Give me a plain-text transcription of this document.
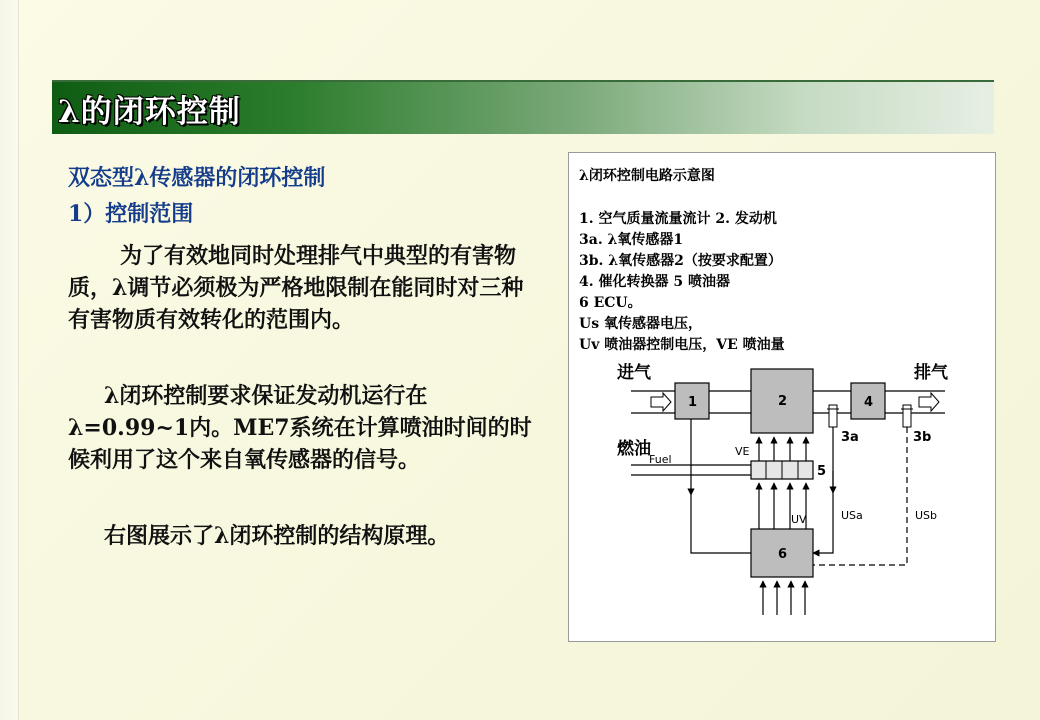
λ的闭环控制
双态型λ传感器的闭环控制
1）控制范围

为了有效地同时处理排气中典型的有害物质，λ调节必须极为严格地限制在能同时对三种有害物质有效转化的范围内。

λ闭环控制要求保证发动机运行在λ=0.99~1内。ME7系统在计算喷油时间的时候利用了这个来自氧传感器的信号。

右图展示了λ闭环控制的结构原理。

λ闭环控制电路示意图
1. 空气质量流量流计 2. 发动机
3a. λ氧传感器1
3b. λ氧传感器2（按要求配置）
4. 催化转换器 5 喷油器
6 ECU。
Us 氧传感器电压，
Uv 喷油器控制电压，VE 喷油量
进气	排气
燃油
Fuel
1	2
3a
4
3b
5
VE
UV
6
USa	USb
